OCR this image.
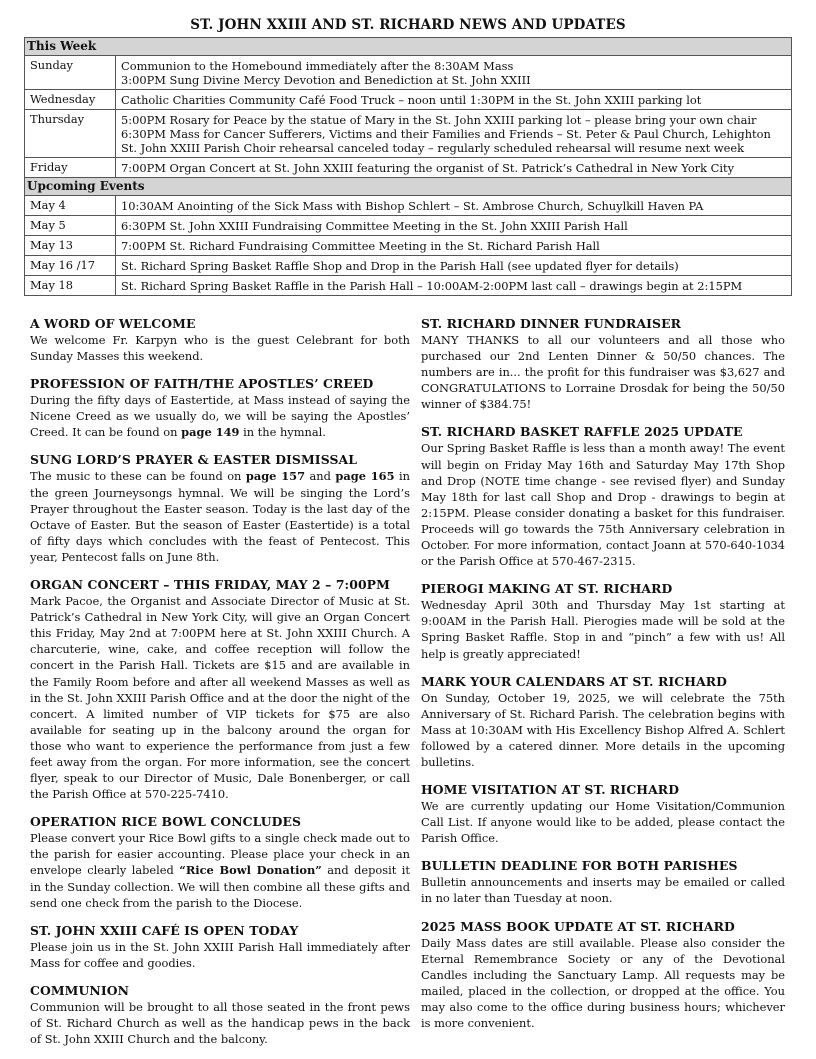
ST. JOHN XXIII AND ST. RICHARD NEWS AND UPDATES
This Week	
Sunday	Communion to the Homebound immediately after the 8:30AM Mass
3:00PM Sung Divine Mercy Devotion and Benediction at St. John XXIII

Wednesday	Catholic Charities Community Café Food Truck – noon until 1:30PM in the St. John XXIII parking lot

Thursday	5:00PM Rosary for Peace by the statue of Mary in the St. John XXIII parking lot – please bring your own chair
6:30PM Mass for Cancer Sufferers, Victims and their Families and Friends – St. Peter & Paul Church, Lehighton
St. John XXIII Parish Choir rehearsal canceled today – regularly scheduled rehearsal will resume next week

Friday	7:00PM Organ Concert at St. John XXIII featuring the organist of St. Patrick’s Cathedral in New York City

Upcoming Events	
May 4	10:30AM Anointing of the Sick Mass with Bishop Schlert – St. Ambrose Church, Schuylkill Haven PA

May 5	6:30PM St. John XXIII Fundraising Committee Meeting in the St. John XXIII Parish Hall

May 13	7:00PM St. Richard Fundraising Committee Meeting in the St. Richard Parish Hall

May 16 /17	St. Richard Spring Basket Raffle Shop and Drop in the Parish Hall (see updated flyer for details)

May 18	St. Richard Spring Basket Raffle in the Parish Hall – 10:00AM-2:00PM last call – drawings begin at 2:15PM
A WORD OF WELCOME

We welcome Fr. Karpyn who is the guest Celebrant for both Sunday Masses this weekend.

PROFESSION OF FAITH/THE APOSTLES’ CREED

During the fifty days of Eastertide, at Mass instead of saying the Nicene Creed as we usually do, we will be saying the Apostles’ Creed. It can be found on page 149 in the hymnal.

SUNG LORD’S PRAYER & EASTER DISMISSAL

The music to these can be found on page 157 and page 165 in the green Journeysongs hymnal. We will be singing the Lord’s Prayer throughout the Easter season. Today is the last day of the Octave of Easter. But the season of Easter (Eastertide) is a total of fifty days which concludes with the feast of Pentecost. This year, Pentecost falls on June 8th.

ORGAN CONCERT – THIS FRIDAY, MAY 2 – 7:00PM

Mark Pacoe, the Organist and Associate Director of Music at St. Patrick’s Cathedral in New York City, will give an Organ Concert this Friday, May 2nd at 7:00PM here at St. John XXIII Church. A charcuterie, wine, cake, and coffee reception will follow the concert in the Parish Hall. Tickets are $15 and are available in the Family Room before and after all weekend Masses as well as in the St. John XXIII Parish Office and at the door the night of the concert. A limited number of VIP tickets for $75 are also available for seating up in the balcony around the organ for those who want to experience the performance from just a few feet away from the organ. For more information, see the concert flyer, speak to our Director of Music, Dale Bonenberger, or call the Parish Office at 570-225-7410.

OPERATION RICE BOWL CONCLUDES

Please convert your Rice Bowl gifts to a single check made out to the parish for easier accounting. Please place your check in an envelope clearly labeled “Rice Bowl Donation” and deposit it in the Sunday collection. We will then combine all these gifts and send one check from the parish to the Diocese.

ST. JOHN XXIII CAFÉ IS OPEN TODAY

Please join us in the St. John XXIII Parish Hall immediately after Mass for coffee and goodies.

COMMUNION

Communion will be brought to all those seated in the front pews of St. Richard Church as well as the handicap pews in the back of St. John XXIII Church and the balcony.

ST. RICHARD DINNER FUNDRAISER

MANY THANKS to all our volunteers and all those who purchased our 2nd Lenten Dinner & 50/50 chances. The numbers are in... the profit for this fundraiser was $3,627 and CONGRATULATIONS to Lorraine Drosdak for being the 50/50 winner of $384.75!

ST. RICHARD BASKET RAFFLE 2025 UPDATE

Our Spring Basket Raffle is less than a month away! The event will begin on Friday May 16th and Saturday May 17th Shop and Drop (NOTE time change - see revised flyer) and Sunday May 18th for last call Shop and Drop - drawings to begin at 2:15PM. Please consider donating a basket for this fundraiser. Proceeds will go towards the 75th Anniversary celebration in October. For more information, contact Joann at 570-640-1034 or the Parish Office at 570-467-2315.

PIEROGI MAKING AT ST. RICHARD

Wednesday April 30th and Thursday May 1st starting at 9:00AM in the Parish Hall. Pierogies made will be sold at the Spring Basket Raffle. Stop in and “pinch” a few with us! All help is greatly appreciated!

MARK YOUR CALENDARS AT ST. RICHARD

On Sunday, October 19, 2025, we will celebrate the 75th Anniversary of St. Richard Parish. The celebration begins with Mass at 10:30AM with His Excellency Bishop Alfred A. Schlert followed by a catered dinner. More details in the upcoming bulletins.

HOME VISITATION AT ST. RICHARD

We are currently updating our Home Visitation/Communion Call List. If anyone would like to be added, please contact the Parish Office.

BULLETIN DEADLINE FOR BOTH PARISHES

Bulletin announcements and inserts may be emailed or called in no later than Tuesday at noon.

2025 MASS BOOK UPDATE AT ST. RICHARD

Daily Mass dates are still available. Please also consider the Eternal Remembrance Society or any of the Devotional Candles including the Sanctuary Lamp. All requests may be mailed, placed in the collection, or dropped at the office. You may also come to the office during business hours; whichever is more convenient.
